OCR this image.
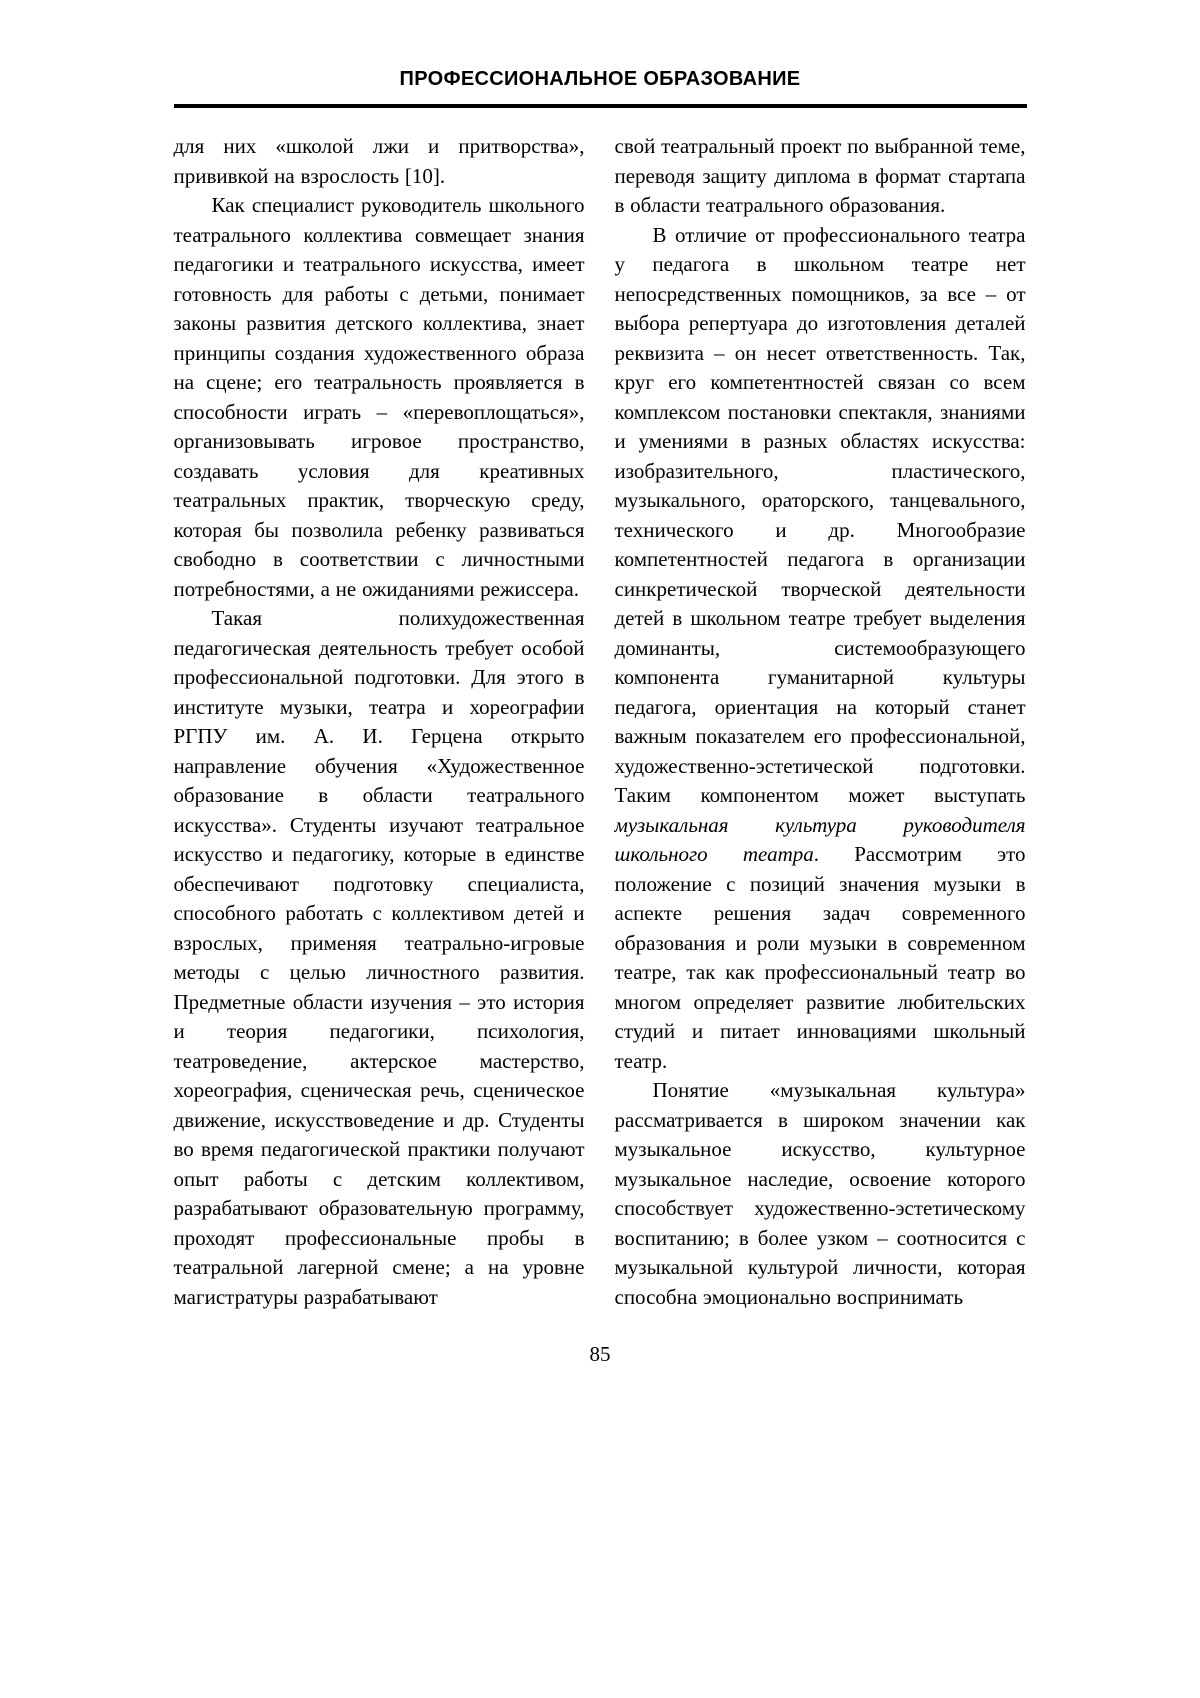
ПРОФЕССИОНАЛЬНОЕ ОБРАЗОВАНИЕ

для них «школой лжи и притворства», прививкой на взрослость [10].

Как специалист руководитель школьного театрального коллектива совмещает знания педагогики и театрального искусства, имеет готовность для работы с детьми, понимает законы развития детского коллектива, знает принципы создания художественного образа на сцене; его театральность проявляется в способности играть – «перевоплощаться», организовывать игровое пространство, создавать условия для креативных театральных практик, творческую среду, которая бы позволила ребенку развиваться свободно в соответствии с личностными потребностями, а не ожиданиями режиссера.

Такая полихудожественная педагогическая деятельность требует особой профессиональной подготовки. Для этого в институте музыки, театра и хореографии РГПУ им. А. И. Герцена открыто направление обучения «Художественное образование в области театрального искусства». Студенты изучают театральное искусство и педагогику, которые в единстве обеспечивают подготовку специалиста, способного работать с коллективом детей и взрослых, применяя театрально-игровые методы с целью личностного развития. Предметные области изучения – это история и теория педагогики, психология, театроведение, актерское мастерство, хореография, сценическая речь, сценическое движение, искусствоведение и др. Студенты во время педагогической практики получают опыт работы с детским коллективом, разрабатывают образовательную программу, проходят профессиональные пробы в театральной лагерной смене; а на уровне магистратуры разрабатывают

свой театральный проект по выбранной теме, переводя защиту диплома в формат стартапа в области театрального образования.

В отличие от профессионального театра у педагога в школьном театре нет непосредственных помощников, за все – от выбора репертуара до изготовления деталей реквизита – он несет ответственность. Так, круг его компетентностей связан со всем комплексом постановки спектакля, знаниями и умениями в разных областях искусства: изобразительного, пластического, музыкального, ораторского, танцевального, технического и др. Многообразие компетентностей педагога в организации синкретической творческой деятельности детей в школьном театре требует выделения доминанты, системообразующего компонента гуманитарной культуры педагога, ориентация на который станет важным показателем его профессиональной, художественно-эстетической подготовки. Таким компонентом может выступать музыкальная культура руководителя школьного театра. Рассмотрим это положение с позиций значения музыки в аспекте решения задач современного образования и роли музыки в современном театре, так как профессиональный театр во многом определяет развитие любительских студий и питает инновациями школьный театр.

Понятие «музыкальная культура» рассматривается в широком значении как музыкальное искусство, культурное музыкальное наследие, освоение которого способствует художественно-эстетическому воспитанию; в более узком – соотносится с музыкальной культурой личности, которая способна эмоционально воспринимать

85
